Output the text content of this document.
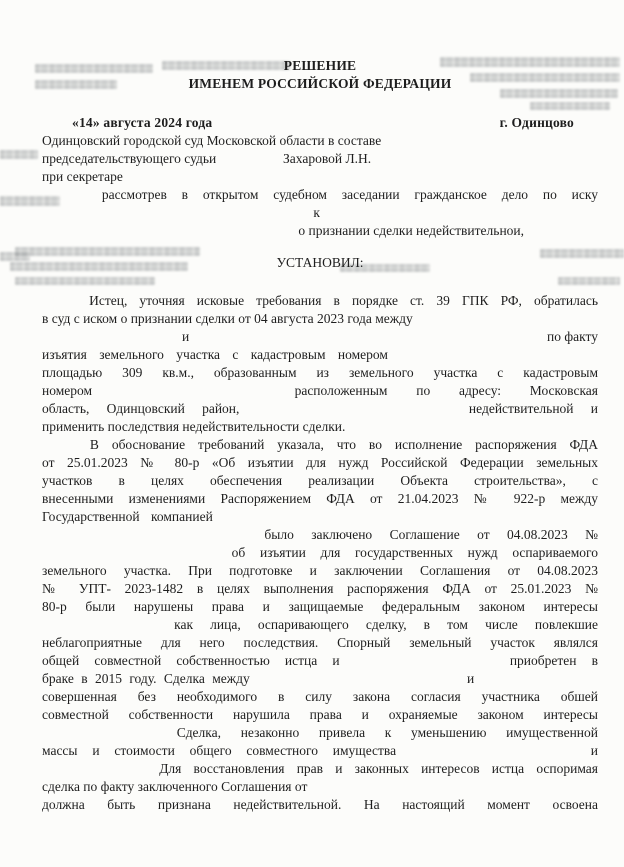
РЕШЕНИЕ
ИМЕНЕМ РОССИЙСКОЙ ФЕДЕРАЦИИ
«14» августа 2024 года	г. Одинцово
Одинцовский городской суд Московской области в составе
председательствующего судьи	Захаровой Л.Н.
при секретаре
рассмотрев в открытом судебном заседании гражданское дело по иску
к
о признании сделки недействительнои,
УСТАНОВИЛ:
Истец, уточняя исковые требования в порядке ст. 39 ГПК РФ, обратилась
в суд с иском о признании сделки от 04 августа 2023 года между
и	по факту
изъятия земельного участка с кадастровым номером
площадью 309 кв.м., образованным из земельного участка с кадастровым
номером	расположенным по адресу: Московская
область, Одинцовский район,	недействительной и
применить последствия недействительности сделки.
В обоснование требований указала, что во исполнение распоряжения ФДА
от 25.01.2023 № 80-р «Об изъятии для нужд Российской Федерации земельных
участков в целях обеспечения реализации Объекта строительства», с
внесенными изменениями Распоряжением ФДА от 21.04.2023 № 922-р между
Государственной компанией
было заключено Соглашение от 04.08.2023 №
об изъятии для государственных нужд оспариваемого
земельного участка. При подготовке и заключении Соглашения от 04.08.2023
№ УПТ- 2023-1482 в целях выполнения распоряжения ФДА от 25.01.2023 №
80-р были нарушены права и защищаемые федеральным законом интересы
как лица, оспаривающего сделку, в том числе повлекшие
неблагоприятные для него последствия. Спорный земельный участок являлся
общей совместной собственностью истца и	приобретен в
браке в 2015 году. Сделка между	и
совершенная без необходимого в силу закона согласия участника обшей
совместной собственности нарушила права и охраняемые законом интересы
Сделка, незаконно привела к уменьшению имущественной
массы и стоимости общего совместного имущества	и
Для восстановления прав и законных интересов истца оспоримая
сделка по факту заключенного Соглашения от
должна быть признана недействительной. На настоящий момент освоена
